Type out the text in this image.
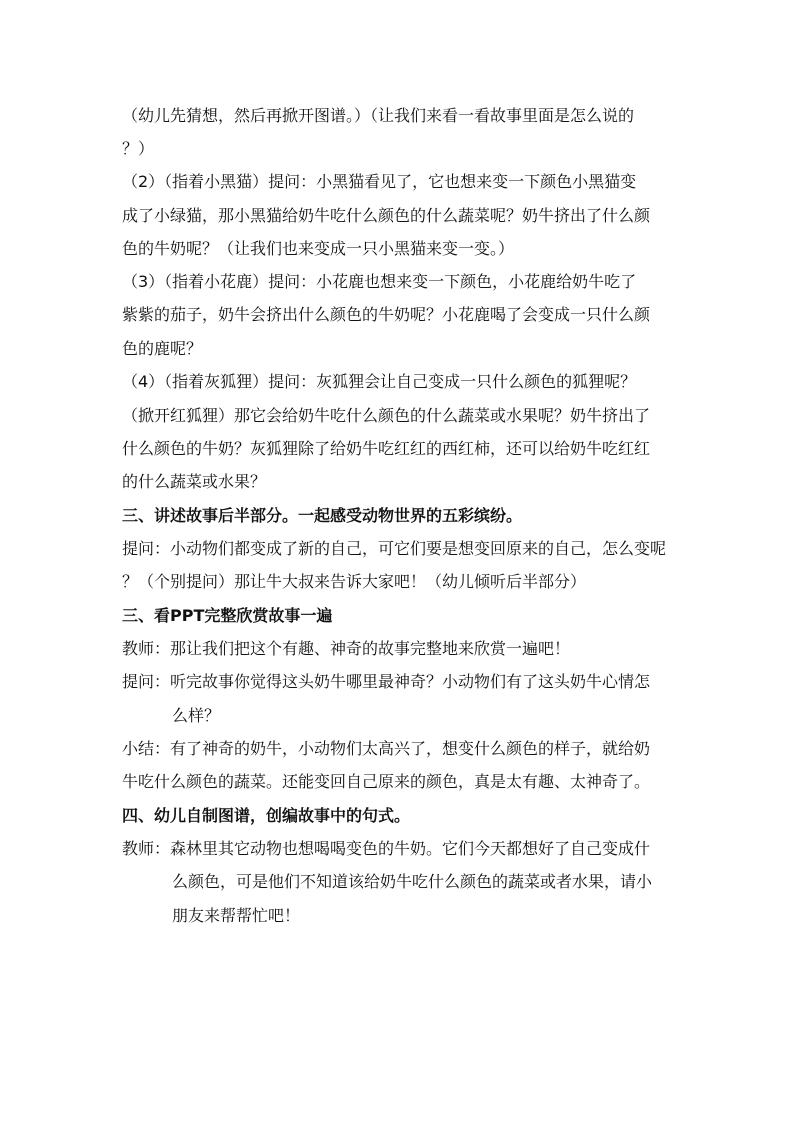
（幼儿先猜想，然后再掀开图谱。）（让我们来看一看故事里面是怎么说的
？）
（2）（指着小黑猫）提问：小黑猫看见了，它也想来变一下颜色小黑猫变
成了小绿猫，那小黑猫给奶牛吃什么颜色的什么蔬菜呢？奶牛挤出了什么颜
色的牛奶呢？（让我们也来变成一只小黑猫来变一变。）
（3）（指着小花鹿）提问：小花鹿也想来变一下颜色，小花鹿给奶牛吃了
紫紫的茄子，奶牛会挤出什么颜色的牛奶呢？小花鹿喝了会变成一只什么颜
色的鹿呢？
（4）（指着灰狐狸）提问：灰狐狸会让自己变成一只什么颜色的狐狸呢？
（掀开红狐狸）那它会给奶牛吃什么颜色的什么蔬菜或水果呢？奶牛挤出了
什么颜色的牛奶？灰狐狸除了给奶牛吃红红的西红柿，还可以给奶牛吃红红
的什么蔬菜或水果？
三、讲述故事后半部分。一起感受动物世界的五彩缤纷。
提问：小动物们都变成了新的自己，可它们要是想变回原来的自己，怎么变呢
？（个别提问）那让牛大叔来告诉大家吧！（幼儿倾听后半部分）
三、看PPT完整欣赏故事一遍
教师：那让我们把这个有趣、神奇的故事完整地来欣赏一遍吧！
提问：听完故事你觉得这头奶牛哪里最神奇？小动物们有了这头奶牛心情怎
么样？
小结：有了神奇的奶牛，小动物们太高兴了，想变什么颜色的样子，就给奶
牛吃什么颜色的蔬菜。还能变回自己原来的颜色，真是太有趣、太神奇了。
四、幼儿自制图谱，创编故事中的句式。
教师：森林里其它动物也想喝喝变色的牛奶。它们今天都想好了自己变成什
么颜色，可是他们不知道该给奶牛吃什么颜色的蔬菜或者水果，请小
朋友来帮帮忙吧！
